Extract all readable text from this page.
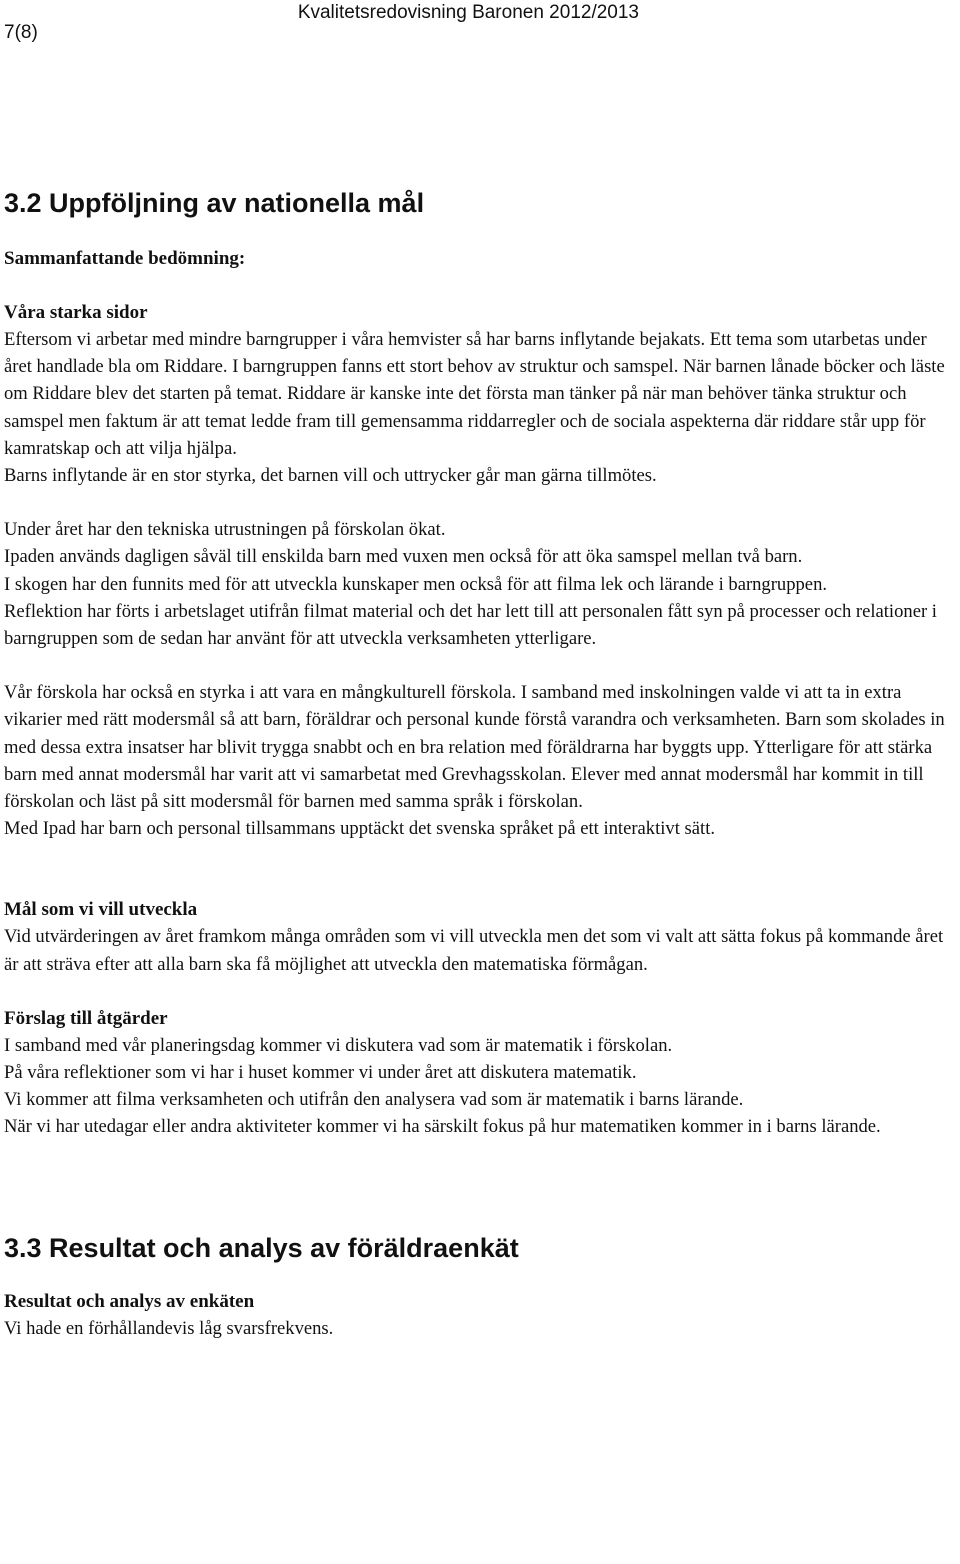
7(8)
Kvalitetsredovisning Baronen 2012/2013
3.2 Uppföljning av nationella mål
Sammanfattande bedömning:
Våra starka sidor

Eftersom vi arbetar med mindre barngrupper i våra hemvister så har barns inflytande bejakats. Ett tema som utarbetas under året handlade bla om Riddare. I barngruppen fanns ett stort behov av struktur och samspel. När barnen lånade böcker och läste om Riddare blev det starten på temat. Riddare är kanske inte det första man tänker på när man behöver tänka struktur och samspel men faktum är att temat ledde fram till gemensamma riddarregler och de sociala aspekterna där riddare står upp för kamratskap och att vilja hjälpa.

Barns inflytande är en stor styrka, det barnen vill och uttrycker går man gärna tillmötes.

Under året har den tekniska utrustningen på förskolan ökat.

Ipaden används dagligen såväl till enskilda barn med vuxen men också för att öka samspel mellan två barn.

I skogen har den funnits med för att utveckla kunskaper men också för att filma lek och lärande i barngruppen.

Reflektion har förts i arbetslaget utifrån filmat material och det har lett till att personalen fått syn på processer och relationer i barngruppen som de sedan har använt för att utveckla verksamheten ytterligare.

Vår förskola har också en styrka i att vara en mångkulturell förskola. I samband med inskolningen valde vi att ta in extra vikarier med rätt modersmål så att barn, föräldrar och personal kunde förstå varandra och verksamheten. Barn som skolades in med dessa extra insatser har blivit trygga snabbt och en bra relation med föräldrarna har byggts upp. Ytterligare för att stärka barn med annat modersmål har varit att vi samarbetat med Grevhagsskolan. Elever med annat modersmål har kommit in till förskolan och läst på sitt modersmål för barnen med samma språk i förskolan.

Med Ipad har barn och personal tillsammans upptäckt det svenska språket på ett interaktivt sätt.

Mål som vi vill utveckla

Vid utvärderingen av året framkom många områden som vi vill utveckla men det som vi valt att sätta fokus på kommande året är att sträva efter att alla barn ska få möjlighet att utveckla den matematiska förmågan.

Förslag till åtgärder

I samband med vår planeringsdag kommer vi diskutera vad som är matematik i förskolan.

På våra reflektioner som vi har i huset kommer vi under året att diskutera matematik.

Vi kommer att filma verksamheten och utifrån den analysera vad som är matematik i barns lärande.

När vi har utedagar eller andra aktiviteter kommer vi ha särskilt fokus på hur matematiken kommer in i barns lärande.

3.3 Resultat och analys av föräldraenkät
Resultat och analys av enkäten

Vi hade en förhållandevis låg svarsfrekvens.
